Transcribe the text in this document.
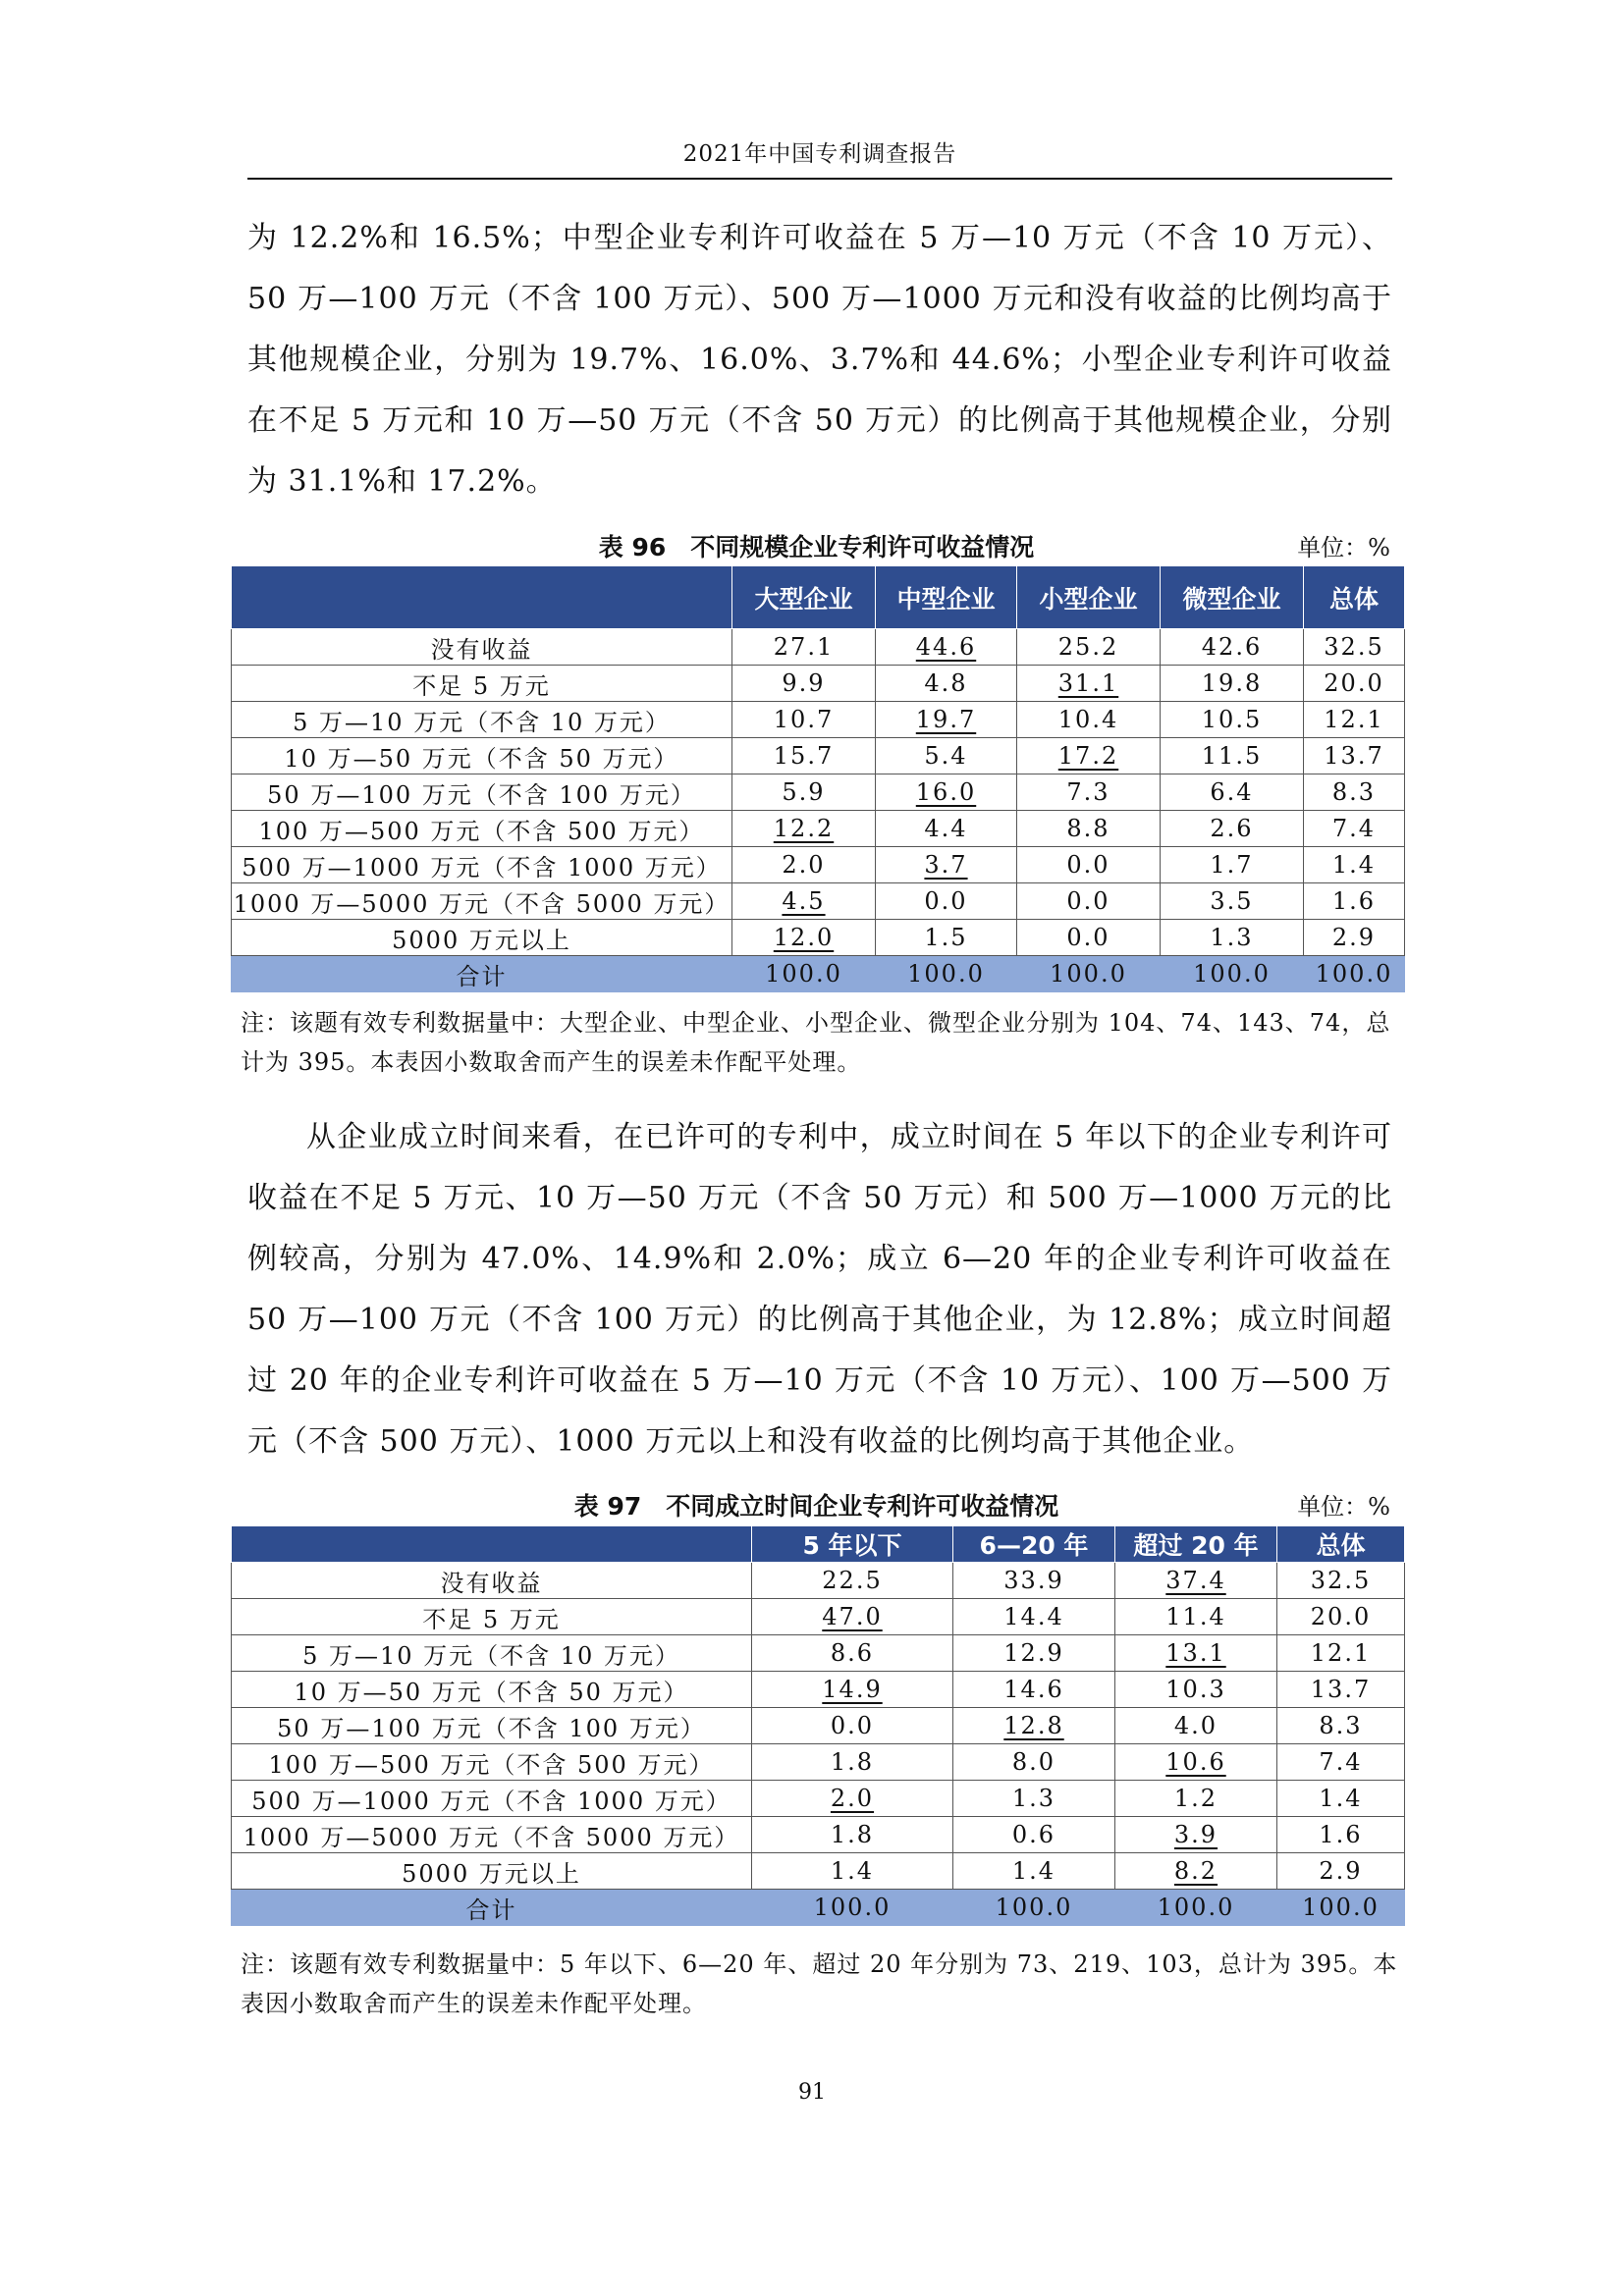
2021年中国专利调查报告

为 12.2%和 16.5%；中型企业专利许可收益在 5 万—10 万元（不含 10 万元）、50 万—100 万元（不含 100 万元）、500 万—1000 万元和没有收益的比例均高于其他规模企业，分别为 19.7%、16.0%、3.7%和 44.6%；小型企业专利许可收益在不足 5 万元和 10 万—50 万元（不含 50 万元）的比例高于其他规模企业，分别为 31.1%和 17.2%。

表 96　不同规模企业专利许可收益情况	单位：%
	大型企业	中型企业	小型企业	微型企业	总体
没有收益	27.1	44.6	25.2	42.6	32.5
不足 5 万元	9.9	4.8	31.1	19.8	20.0
5 万—10 万元（不含 10 万元）	10.7	19.7	10.4	10.5	12.1
10 万—50 万元（不含 50 万元）	15.7	5.4	17.2	11.5	13.7
50 万—100 万元（不含 100 万元）	5.9	16.0	7.3	6.4	8.3
100 万—500 万元（不含 500 万元）	12.2	4.4	8.8	2.6	7.4
500 万—1000 万元（不含 1000 万元）	2.0	3.7	0.0	1.7	1.4
1000 万—5000 万元（不含 5000 万元）	4.5	0.0	0.0	3.5	1.6
5000 万元以上	12.0	1.5	0.0	1.3	2.9
合计	100.0	100.0	100.0	100.0	100.0

注：该题有效专利数据量中：大型企业、中型企业、小型企业、微型企业分别为 104、74、143、74，总计为 395。本表因小数取舍而产生的误差未作配平处理。

从企业成立时间来看，在已许可的专利中，成立时间在 5 年以下的企业专利许可收益在不足 5 万元、10 万—50 万元（不含 50 万元）和 500 万—1000 万元的比例较高，分别为 47.0%、14.9%和 2.0%；成立 6—20 年的企业专利许可收益在 50 万—100 万元（不含 100 万元）的比例高于其他企业，为 12.8%；成立时间超过 20 年的企业专利许可收益在 5 万—10 万元（不含 10 万元）、100 万—500 万元（不含 500 万元）、1000 万元以上和没有收益的比例均高于其他企业。

表 97　不同成立时间企业专利许可收益情况	单位：%
	5 年以下	6—20 年	超过 20 年	总体
没有收益	22.5	33.9	37.4	32.5
不足 5 万元	47.0	14.4	11.4	20.0
5 万—10 万元（不含 10 万元）	8.6	12.9	13.1	12.1
10 万—50 万元（不含 50 万元）	14.9	14.6	10.3	13.7
50 万—100 万元（不含 100 万元）	0.0	12.8	4.0	8.3
100 万—500 万元（不含 500 万元）	1.8	8.0	10.6	7.4
500 万—1000 万元（不含 1000 万元）	2.0	1.3	1.2	1.4
1000 万—5000 万元（不含 5000 万元）	1.8	0.6	3.9	1.6
5000 万元以上	1.4	1.4	8.2	2.9
合计	100.0	100.0	100.0	100.0

注：该题有效专利数据量中：5 年以下、6—20 年、超过 20 年分别为 73、219、103，总计为 395。本表因小数取舍而产生的误差未作配平处理。

91
